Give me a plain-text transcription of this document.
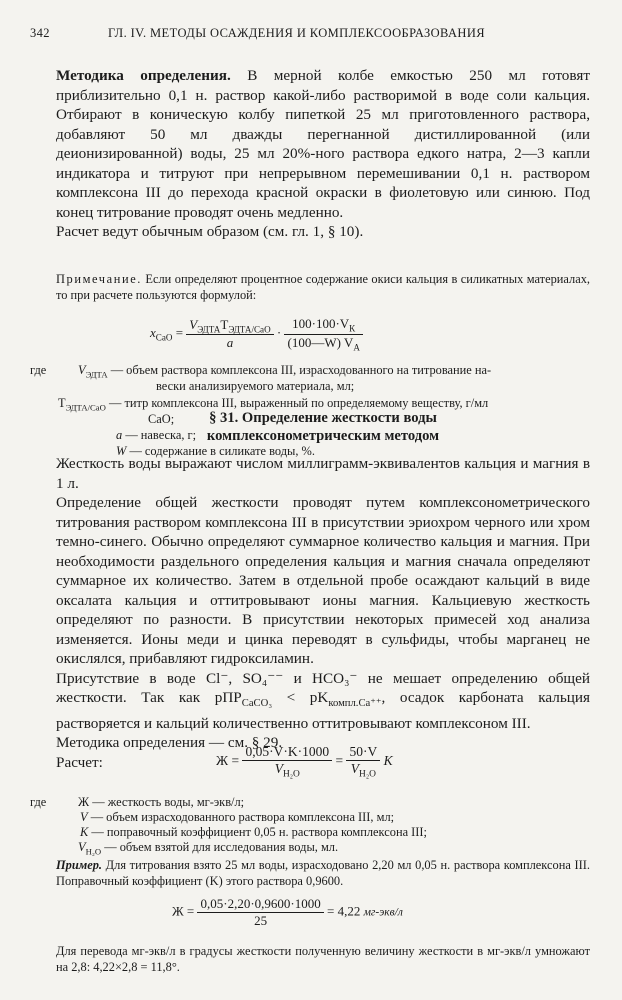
342	ГЛ. IV. МЕТОДЫ ОСАЖДЕНИЯ И КОМПЛЕКСООБРАЗОВАНИЯ

Методика определения. В мерной колбе емкостью 250 мл готовят приблизительно 0,1 н. раствор какой-либо растворимой в воде соли кальция. Отбирают в коническую колбу пипеткой 25 мл приготовленного раствора, добавляют 50 мл дважды перегнанной дистиллированной (или деионизированной) воды, 25 мл 20%-ного раствора едкого натра, 2—3 капли индикатора и титруют при непрерывном перемешивании 0,1 н. раствором комплексона III до перехода красной окраски в фиолетовую или синюю. Под конец титрование проводят очень медленно.

Расчет ведут обычным образом (см. гл. 1, § 10).

Примечание. Если определяют процентное содержание окиси кальция в силикатных материалах, то при расчете пользуются формулой:

$x_{CaO} = \frac{V_{ЭДТА}T_{ЭДТА/CaO}}{a} \cdot \frac{100\cdot 100\cdot V_К}{(100—W) V_А}$
где	$V_{ЭДТА}$ — объем раствора комплексона III, израсходованного на титрование на-
вески анализируемого материала, мл;
$T_{ЭДТА/CaO}$ — титр комплексона III, выраженный по определяемому веществу, г/мл
CaO;
a — навеска, г;
W — содержание в силикате воды, %.
§ 31. Определение жесткости воды
комплексонометрическим методом

Жесткость воды выражают числом миллиграмм-эквивалентов кальция и магния в 1 л.

Определение общей жесткости проводят путем комплексонометрического титрования раствором комплексона III в присутствии эриохром черного или хром темно-синего. Обычно определяют суммарное количество кальция и магния. При необходимости раздельного определения кальция и магния сначала определяют суммарное их количество. Затем в отдельной пробе осаждают кальций в виде оксалата кальция и оттитровывают ионы магния. Кальциевую жесткость определяют по разности. В присутствии некоторых примесей ход анализа изменяется. Ионы меди и цинка переводят в сульфиды, чтобы марганец не окислялся, прибавляют гидроксиламин.

Присутствие в воде Cl⁻, SO₄⁻⁻ и HCO₃⁻ не мешает определению общей жесткости. Так как $pПР_{CaCO_3} < pK_{компл.Ca^{++}}$, осадок карбоната кальция растворяется и кальций количественно оттитровывают комплексоном III.

Методика определения — см. § 29.

Расчет:	$Ж = \frac{0,05\cdot V\cdot K\cdot 1000}{V_{H_2O}} = \frac{50\cdot V}{V_{H_2O}}$ K
где	Ж — жесткость воды, мг-экв/л;
V — объем израсходованного раствора комплексона III, мл;
K — поправочный коэффициент 0,05 н. раствора комплексона III;
$V_{H_2O}$ — объем взятой для исследования воды, мл.

Пример. Для титрования взято 25 мл воды, израсходовано 2,20 мл 0,05 н. раствора комплексона III. Поправочный коэффициент (K) этого раствора 0,9600.

$Ж = \frac{0,05\cdot 2,20\cdot 0,9600\cdot 1000}{25} = 4,22$ мг-экв/л

Для перевода мг-экв/л в градусы жесткости полученную величину жесткости в мг-экв/л умножают на 2,8: 4,22×2,8 = 11,8°.
